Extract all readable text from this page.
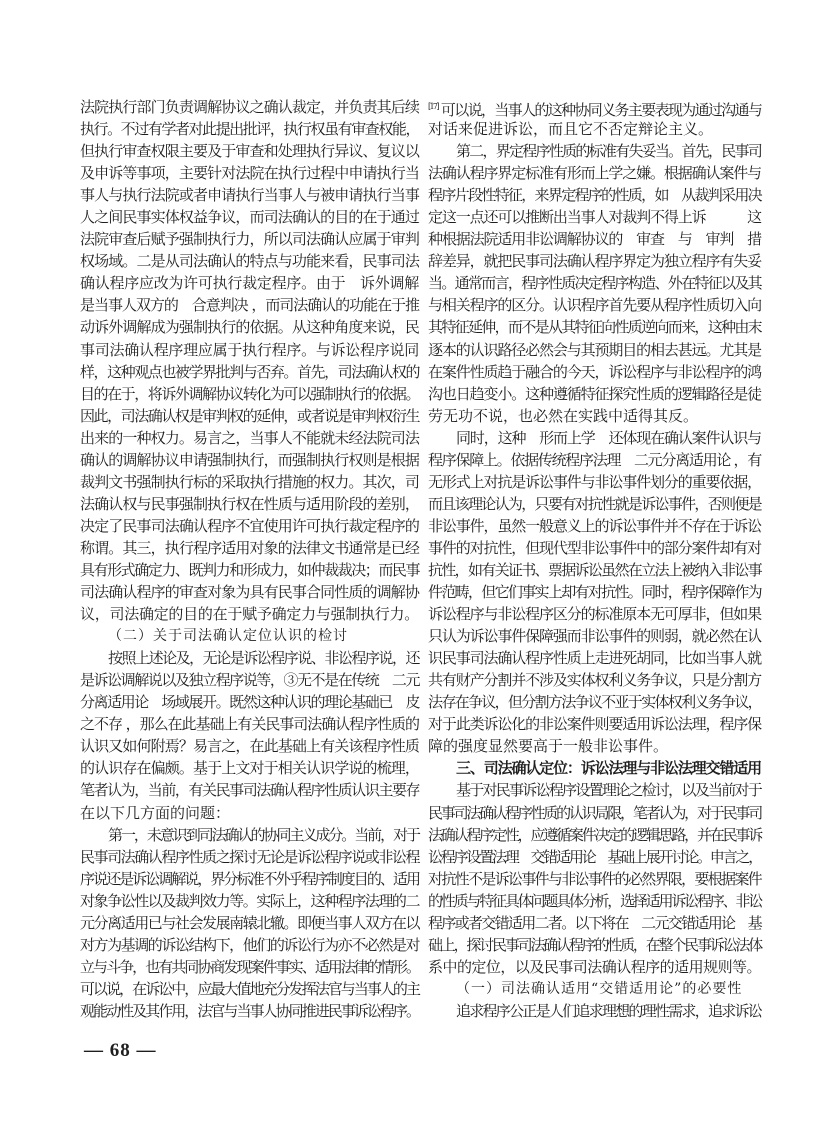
法院执行部门负责调解协议之确认裁定，并负责其后续
执行。不过有学者对此提出批评，执行权虽有审查权能，
但执行审查权限主要及于审查和处理执行异议、复议以
及申诉等事项，主要针对法院在执行过程中申请执行当
事人与执行法院或者申请执行当事人与被申请执行当事
人之间民事实体权益争议，而司法确认的目的在于通过
法院审查后赋予强制执行力，所以司法确认应属于审判
权场域。二是从司法确认的特点与功能来看，民事司法
确认程序应改为许可执行裁定程序。由于　诉外调解
是当事人双方的　合意判决 ，而司法确认的功能在于推
动诉外调解成为强制执行的依据。从这种角度来说，民
事司法确认程序理应属于执行程序。与诉讼程序说同
样，这种观点也被学界批判与否弃。首先，司法确认权的
目的在于，将诉外调解协议转化为可以强制执行的依据。
因此，司法确认权是审判权的延伸，或者说是审判权衍生
出来的一种权力。易言之，当事人不能就未经法院司法
确认的调解协议申请强制执行，而强制执行权则是根据
裁判文书强制执行标的采取执行措施的权力。其次，司
法确认权与民事强制执行权在性质与适用阶段的差别，
决定了民事司法确认程序不宜使用许可执行裁定程序的
称谓。其三，执行程序适用对象的法律文书通常是已经
具有形式确定力、既判力和形成力，如仲裁裁决；而民事
司法确认程序的审查对象为具有民事合同性质的调解协
议，司法确定的目的在于赋予确定力与强制执行力。
（二）关于司法确认定位认识的检讨
按照上述论及，无论是诉讼程序说、非讼程序说，还
是诉讼调解说以及独立程序说等，③无不是在传统　二元
分离适用论　场域展开。既然这种认识的理论基础已　皮
之不存 ，那么在此基础上有关民事司法确认程序性质的
认识又如何附焉？易言之，在此基础上有关该程序性质
的认识存在偏颇。基于上文对于相关认识学说的梳理，
笔者认为，当前，有关民事司法确认程序性质认识主要存
在以下几方面的问题：
第一，未意识到司法确认的协同主义成分。当前，对于
民事司法确认程序性质之探讨无论是诉讼程序说或非讼程
序说还是诉讼调解说，界分标准不外乎程序制度目的、适用
对象争讼性以及裁判效力等。实际上，这种程序法理的二
元分离适用已与社会发展南辕北辙。即便当事人双方在以
对方为基调的诉讼结构下，他们的诉讼行为亦不必然是对
立与斗争，也有共同协商发现案件事实、适用法律的情形。
可以说，在诉讼中，应最大值地充分发挥法官与当事人的主
观能动性及其作用，法官与当事人协同推进民事诉讼程序。
[17] 可以说，当事人的这种协同义务主要表现为通过沟通与
对话来促进诉讼，而且它不否定辩论主义。
第二，界定程序性质的标准有失妥当。首先，民事司
法确认程序界定标准有形而上学之嫌。根据确认案件与
程序片段性特征，来界定程序的性质，如　从裁判采用决
定这一点还可以推断出当事人对裁判不得上诉　　　这
种根据法院适用非讼调解协议的　审查　与　审判　措
辞差异，就把民事司法确认程序界定为独立程序有失妥
当。通常而言，程序性质决定程序构造、外在特征以及其
与相关程序的区分。认识程序首先要从程序性质切入向
其特征延伸，而不是从其特征向性质逆向而来，这种由末
逐本的认识路径必然会与其预期目的相去甚远。尤其是
在案件性质趋于融合的今天，诉讼程序与非讼程序的鸿
沟也日趋变小。这种遵循特征探究性质的逻辑路径是徒
劳无功不说，也必然在实践中适得其反。
同时，这种　形而上学　还体现在确认案件认识与
程序保障上。依据传统程序法理　二元分离适用论 ，有
无形式上对抗是诉讼事件与非讼事件划分的重要依据，
而且该理论认为，只要有对抗性就是诉讼事件，否则便是
非讼事件，虽然一般意义上的诉讼事件并不存在于诉讼
事件的对抗性，但现代型非讼事件中的部分案件却有对
抗性，如有关证书、票据诉讼虽然在立法上被纳入非讼事
件范畴，但它们事实上却有对抗性。同时，程序保障作为
诉讼程序与非讼程序区分的标准原本无可厚非，但如果
只认为诉讼事件保障强而非讼事件的则弱，就必然在认
识民事司法确认程序性质上走进死胡同，比如当事人就
共有财产分割并不涉及实体权利义务争议，只是分割方
法存在争议，但分割方法争议不亚于实体权利义务争议，
对于此类诉讼化的非讼案件则要适用诉讼法理，程序保
障的强度显然要高于一般非讼事件。
三、司法确认定位：诉讼法理与非讼法理交错适用
基于对民事诉讼程序设置理论之检讨，以及当前对于
民事司法确认程序性质的认识局限，笔者认为，对于民事司
法确认程序定性，应遵循案件决定的逻辑思路，并在民事诉
讼程序设置法理　交错适用论　基础上展开讨论。申言之，
对抗性不是诉讼事件与非讼事件的必然界限，要根据案件
的性质与特征具体问题具体分析，选择适用诉讼程序、非讼
程序或者交错适用二者。以下将在　二元交错适用论　基
础上，探讨民事司法确认程序的性质，在整个民事诉讼法体
系中的定位，以及民事司法确认程序的适用规则等。
（一）司法确认适用“交错适用论”的必要性
追求程序公正是人们追求理想的理性需求，追求诉讼
— 68 —
